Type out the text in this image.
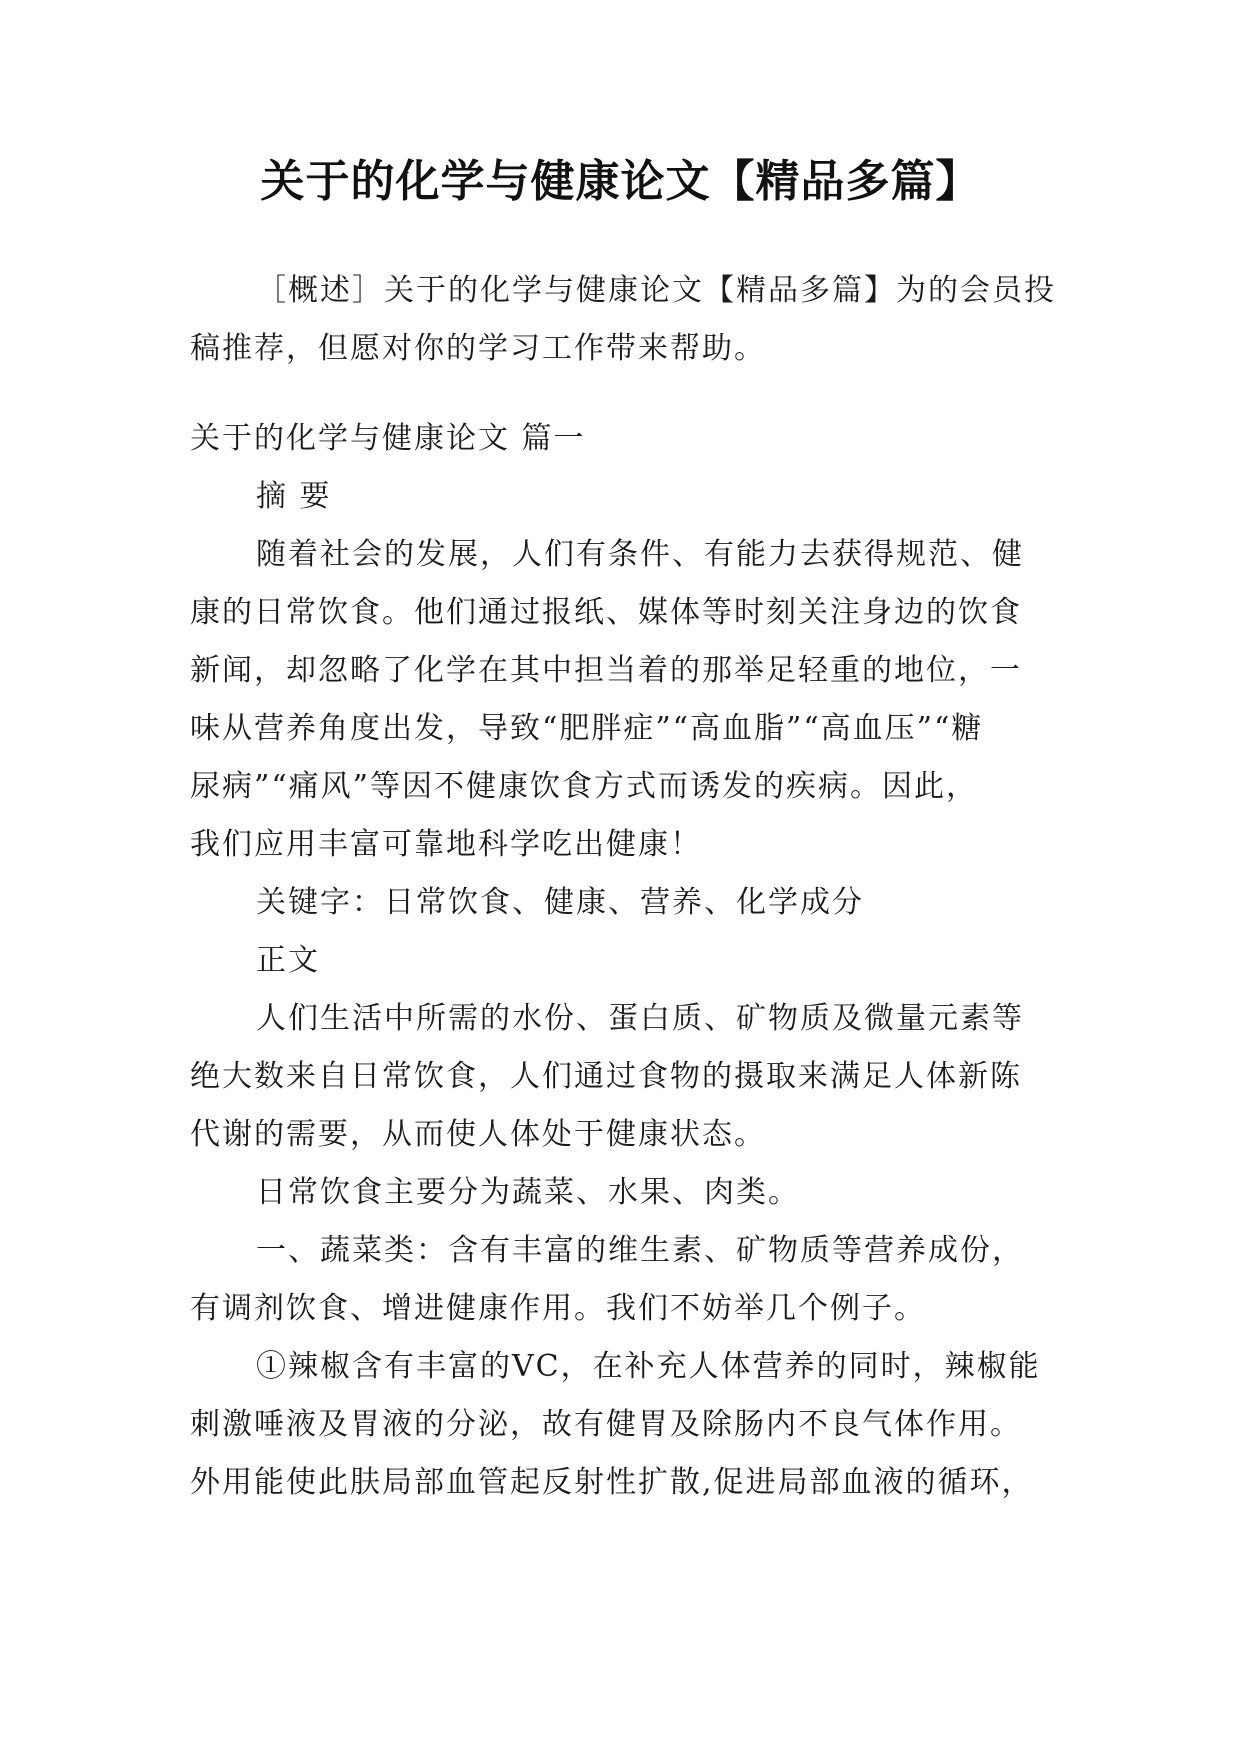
关于的化学与健康论文【精品多篇】
［概述］关于的化学与健康论文【精品多篇】为的会员投
稿推荐，但愿对你的学习工作带来帮助。
关于的化学与健康论文 篇一
摘 要
随着社会的发展，人们有条件、有能力去获得规范、健
康的日常饮食。他们通过报纸、媒体等时刻关注身边的饮食
新闻，却忽略了化学在其中担当着的那举足轻重的地位，一
味从营养角度出发，导致“肥胖症”“高血脂”“高血压”“糖
尿病”“痛风”等因不健康饮食方式而诱发的疾病。因此，
我们应用丰富可靠地科学吃出健康！
关键字：日常饮食、健康、营养、化学成分
正文
人们生活中所需的水份、蛋白质、矿物质及微量元素等
绝大数来自日常饮食，人们通过食物的摄取来满足人体新陈
代谢的需要，从而使人体处于健康状态。
日常饮食主要分为蔬菜、水果、肉类。
一、蔬菜类：含有丰富的维生素、矿物质等营养成份，
有调剂饮食、增进健康作用。我们不妨举几个例子。
①辣椒含有丰富的VC，在补充人体营养的同时，辣椒能
刺激唾液及胃液的分泌，故有健胃及除肠内不良气体作用。
外用能使此肤局部血管起反射性扩散,促进局部血液的循环，
